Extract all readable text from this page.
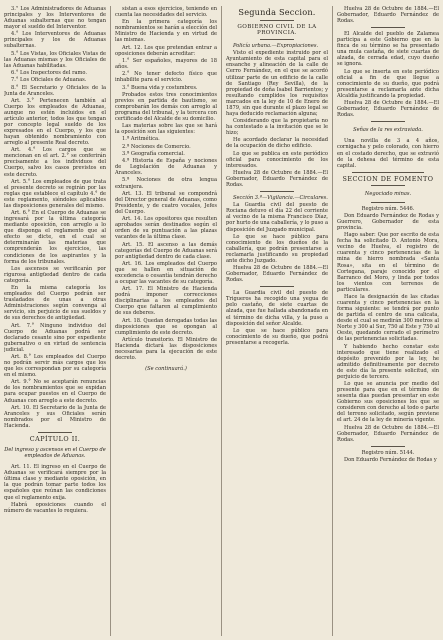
3.° Los Administradores de Aduanas principales y los Interventores de Aduanas subalternas que no tengan mayor el sueldo del Interventor.

4.° Los Interventores de Aduanas principales y los de Aduanas subalternas.

5.° Los Vistas, los Oficiales Vistas de las Aduanas mismas y los Oficiales de las Aduanas habilitadas.

6.° Los Inspectores del ramo.

7.° Los Oficiales de Aduanas.

8.° El Secretario y Oficiales de la Junta de Aranceles.

Art. 3.° Pertenecen también al Cuerpo los empleados de Aduanas, aunque no estén incluidos en el artículo anterior, todos los que tengan por concepto legal sueldo de los expresados en el Cuerpo, y los que hayan obtenido nombramiento con arreglo al presente Real decreto.

Art. 4.° Los cargos que se mencionan en el art. 2.° se conferirán precisamente a los individuos del Cuerpo, salvo los casos previstos en este decreto.

Art. 5.° Los empleados de que trata el presente decreto se regirán por las reglas que establece el capítulo 4.° de este reglamento, siéndoles aplicables las disposiciones generales del mismo.

Art. 6.° En el Cuerpo de Aduanas se ingresará por la última categoría mediante oposición, con arreglo a lo que disponga el reglamento que al efecto se dicte, en el cual se determinarán las materias que comprenderán los ejercicios, las condiciones de los aspirantes y la forma de los tribunales.

Los ascensos se verificarán por rigurosa antigüedad dentro de cada categoría.

En la misma categoría los empleados del Cuerpo podrán ser trasladados de unas a otras Administraciones según convenga al servicio, sin perjuicio de sus sueldos y de sus derechos de antigüedad.

Art. 7.° Ninguno individuo del Cuerpo de Aduanas podrá ser declarado cesante sino por expediente gubernativo o en virtud de sentencia judicial.

Art. 8.° Los empleados del Cuerpo no podrán servir más cargos que los que les correspondan por su categoría en el mismo.

Art. 9.° No se aceptarán renuncias de los nombramientos que se expidan para ocupar puestos en el Cuerpo de Aduanas con arreglo a este decreto.

Art. 10. El Secretario de la Junta de Aranceles y sus Oficiales serán nombrados por el Ministro de Hacienda.

CAPÍTULO II.

Del ingreso y ascensos en el Cuerpo de empleados de Aduanas.

Art. 11. El ingreso en el Cuerpo de Aduanas se verificará siempre por la última clase y mediante oposición, en la que podrán tomar parte todos los españoles que reúnan las condiciones que el reglamento exija.

Habrá oposiciones cuando el número de vacantes lo requiera.

sistan a esos ejercicios, teniendo en cuenta las necesidades del servicio.

En la primera categoría los nombramientos se harán a elección del Ministro de Hacienda y en virtud de las mismas.

Art. 12. Los que pretendan entrar a oposiciones deberán acreditar:

1.° Ser españoles, mayores de 18 años.

2.° No tener defecto físico que inhabilite para el servicio.

3.° Buena vida y costumbres.

Probados estos tres conocimientos previos en partida de bautismo, se comprobarán los demás con arreglo al programa del tribunal, y la tercera con certificado del Alcalde de su domicilio.

Las materias sobre las que se hará la oposición son las siguientes:

1.ª Aritmética.

2.ª Nociones de Comercio.

3.ª Geografía comercial.

4.ª Historia de España y nociones de Legislación de Aduanas y Aranceles.

5.ª Nociones de otra lengua extranjera.

Art. 13. El tribunal se compondrá del Director general de Aduanas, como Presidente, y de cuatro vocales, Jefes del Cuerpo.

Art. 14. Los opositores que resulten aprobados serán destinados según el orden de su puntuación a las plazas vacantes de la última clase.

Art. 15. El ascenso a las demás categorías del Cuerpo de Aduanas será por antigüedad dentro de cada clase.

Art. 16. Los empleados del Cuerpo que se hallen en situación de excedencia o cesantía tendrán derecho a ocupar las vacantes de su categoría.

Art. 17. El Ministro de Hacienda podrá imponer correcciones disciplinarias a los empleados del Cuerpo que faltaren al cumplimiento de sus deberes.

Art. 18. Quedan derogadas todas las disposiciones que se opongan al cumplimiento de este decreto.

Artículo transitorio. El Ministro de Hacienda dictará las disposiciones necesarias para la ejecución de este decreto.

(Se continuará.)

Segunda Seccion.

GOBIERNO CIVIL DE LA PROVINCIA.

Policía urbana.—Expropiaciones.

Visto el expediente instruido por el Ayuntamiento de esta capital para el ensanche y alineación de la calle de Cerro Fernández, en el que se acordó utilizar parte de un edificio de la calle de Santiago (Rey Sevilla), de la propiedad de doña Isabel Barrientos; y resultando cumplidos los requisitos marcados en la ley de 10 de Enero de 1879, sin que durante el plazo legal se haya deducido reclamación alguna;

Considerando que la propietaria no ha contestado a la invitación que se le hizo;

He acordado declarar la necesidad de la ocupación de dicho edificio.

Lo que se publica en este periódico oficial para conocimiento de los interesados.

Huelva 28 de Octubre de 1884.—El Gobernador, Eduardo Fernández de Rodas.

Sección 3.ª—Vigilancia.—Circulares.

La Guardia civil del puesto de Rociana detuvo el día 22 del corriente al vecino de la misma Francisco Díaz, por hurto de una caballería, y lo puso a disposición del Juzgado municipal.

Lo que se hace público para conocimiento de los dueños de la caballería, que podrán presentarse a reclamarla justificando su propiedad ante dicho Juzgado.

Huelva 28 de Octubre de 1884.—El Gobernador, Eduardo Fernández de Rodas.

La Guardia civil del puesto de Trigueros ha recogido una yegua de pelo castaño, de siete cuartas de alzada, que fue hallada abandonada en el término de dicha villa, y la puso a disposición del señor Alcalde.

Lo que se hace público para conocimiento de su dueño, que podrá presentarse a recogerla.

Huelva 28 de Octubre de 1884.—El Gobernador, Eduardo Fernández de Rodas.

El Alcalde del pueblo de Zalamea participa a este Gobierno que en la finca de su término se ha presentado una mula castaña, de siete cuartas de alzada, de cerrada edad, cuyo dueño se ignora.

Lo que se inserta en este periódico oficial a fin de que llegue a conocimiento de su dueño, que podrá presentarse a reclamarla ante dicha Alcaldía justificando la propiedad.

Huelva 28 de Octubre de 1884.—El Gobernador, Eduardo Fernández de Rodas.

Señas de la res extraviada.

Una novilla de 3 a 4 años, cornigacha y pelo colorado, con hierro en el costado derecho, que se extravió de la dehesa del término de esta capital.

SECCION DE FOMENTO

Negociado minas.

Registro núm. 5446.

Don Eduardo Fernández de Rodas y Guerrero, Gobernador de esta provincia.

Hago saber: Que por escrito de esta fecha ha solicitado D. Antonio Mora, vecino de Huelva, el registro de cuarenta y cinco pertenencias de la mina de hierro nombrada «Santa Rosa», sita en el término de Cortegana, paraje conocido por el Barranco del Moro, y linda por todos los vientos con terrenos de particulares.

Hace la designación de las citadas cuarenta y cinco pertenencias en la forma siguiente: se tendrá por punto de partida el centro de una calicata, desde el cual se medirán 300 metros al Norte y 300 al Sur, 750 al Este y 750 al Oeste, quedando cerrado el perímetro de las pertenencias solicitadas.

Y habiendo hecho constar este interesado que tiene realizado el depósito prevenido por la ley, he admitido definitivamente por decreto de este día la presente solicitud, sin perjuicio de tercero.

Lo que se anuncia por medio del presente para que en el término de sesenta días puedan presentar en este Gobierno sus oposiciones los que se consideren con derecho al todo o parte del terreno solicitado, según previene el art. 24 de la ley de minería vigente.

Huelva 28 de Octubre de 1884.—El Gobernador, Eduardo Fernández de Rodas.

Registro núm. 5144.

Don Eduardo Fernández de Rodas y
